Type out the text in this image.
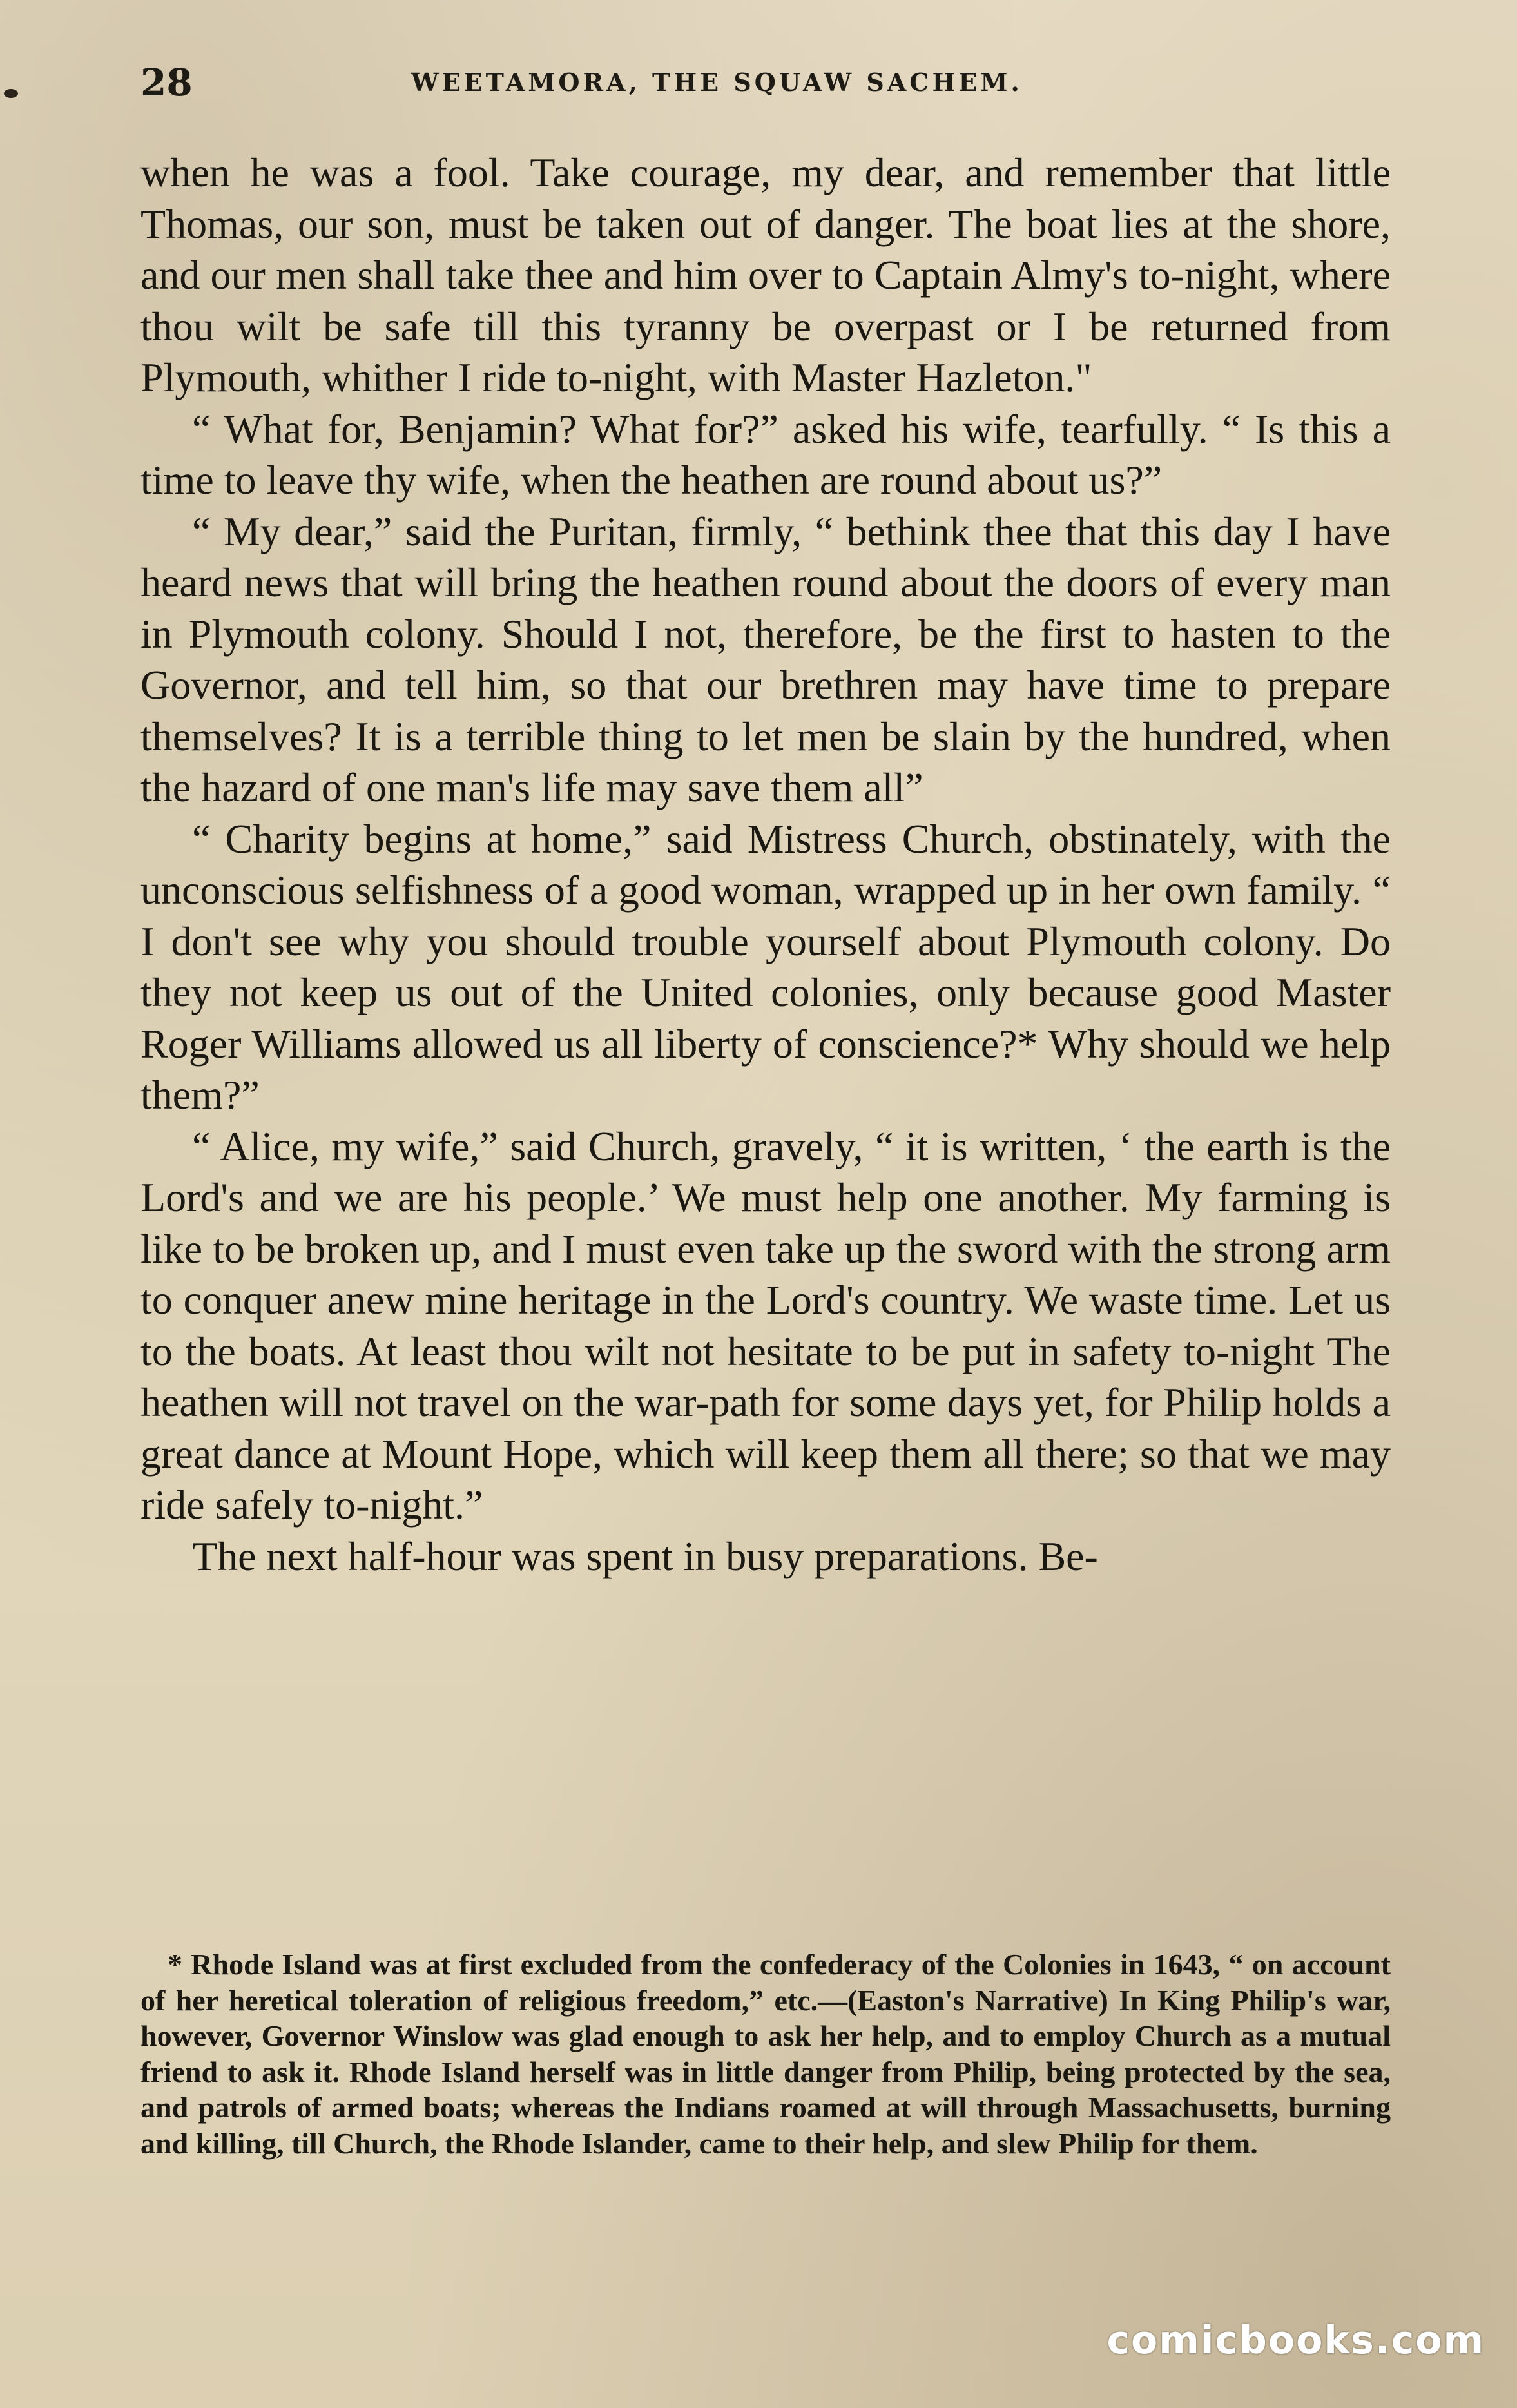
28	WEETAMORA, THE SQUAW SACHEM.

when he was a fool. Take courage, my dear, and remember that little Thomas, our son, must be taken out of danger. The boat lies at the shore, and our men shall take thee and him over to Captain Almy's to-night, where thou wilt be safe till this tyranny be overpast or I be returned from Plymouth, whither I ride to-night, with Master Hazleton."

“ What for, Benjamin? What for?” asked his wife, tearfully. “ Is this a time to leave thy wife, when the heathen are round about us?”

“ My dear,” said the Puritan, firmly, “ bethink thee that this day I have heard news that will bring the heathen round about the doors of every man in Plymouth colony. Should I not, therefore, be the first to hasten to the Governor, and tell him, so that our brethren may have time to prepare themselves? It is a terrible thing to let men be slain by the hundred, when the hazard of one man's life may save them all”

“ Charity begins at home,” said Mistress Church, obstinately, with the unconscious selfishness of a good woman, wrapped up in her own family. “ I don't see why you should trouble yourself about Plymouth colony. Do they not keep us out of the United colonies, only because good Master Roger Williams allowed us all liberty of conscience?* Why should we help them?”

“ Alice, my wife,” said Church, gravely, “ it is written, ‘ the earth is the Lord's and we are his people.’ We must help one another. My farming is like to be broken up, and I must even take up the sword with the strong arm to conquer anew mine heritage in the Lord's country. We waste time. Let us to the boats. At least thou wilt not hesitate to be put in safety to-night The heathen will not travel on the war-path for some days yet, for Philip holds a great dance at Mount Hope, which will keep them all there; so that we may ride safely to-night.”

The next half-hour was spent in busy preparations. Be-

* Rhode Island was at first excluded from the confederacy of the Colonies in 1643, “ on account of her heretical toleration of religious freedom,” etc.—(Easton's Narrative) In King Philip's war, however, Governor Winslow was glad enough to ask her help, and to employ Church as a mutual friend to ask it. Rhode Island herself was in little danger from Philip, being protected by the sea, and patrols of armed boats; whereas the Indians roamed at will through Massachusetts, burning and killing, till Church, the Rhode Islander, came to their help, and slew Philip for them.

comicbooks.com
